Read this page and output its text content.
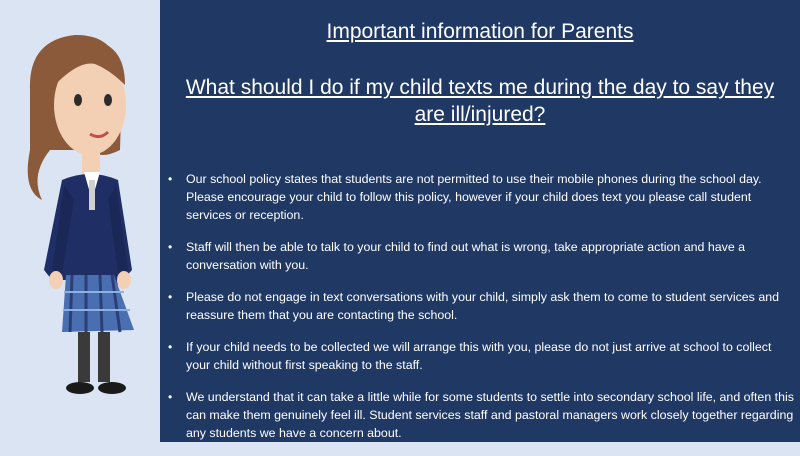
Important information for Parents
What should I do if my child texts me during the day to say they are ill/injured?
• Our school policy states that students are not permitted to use their mobile phones during the school day. Please encourage your child to follow this policy, however if your child does text you please call student services or reception.
• Staff will then be able to talk to your child to find out what is wrong, take appropriate action and have a conversation with you.
• Please do not engage in text conversations with your child, simply ask them to come to student services and reassure them that you are contacting the school.
• If your child needs to be collected we will arrange this with you, please do not just arrive at school to collect your child without first speaking to the staff.
• We understand that it can take a little while for some students to settle into secondary school life, and often this can make them genuinely feel ill. Student services staff and pastoral managers work closely together regarding any students we have a concern about.
